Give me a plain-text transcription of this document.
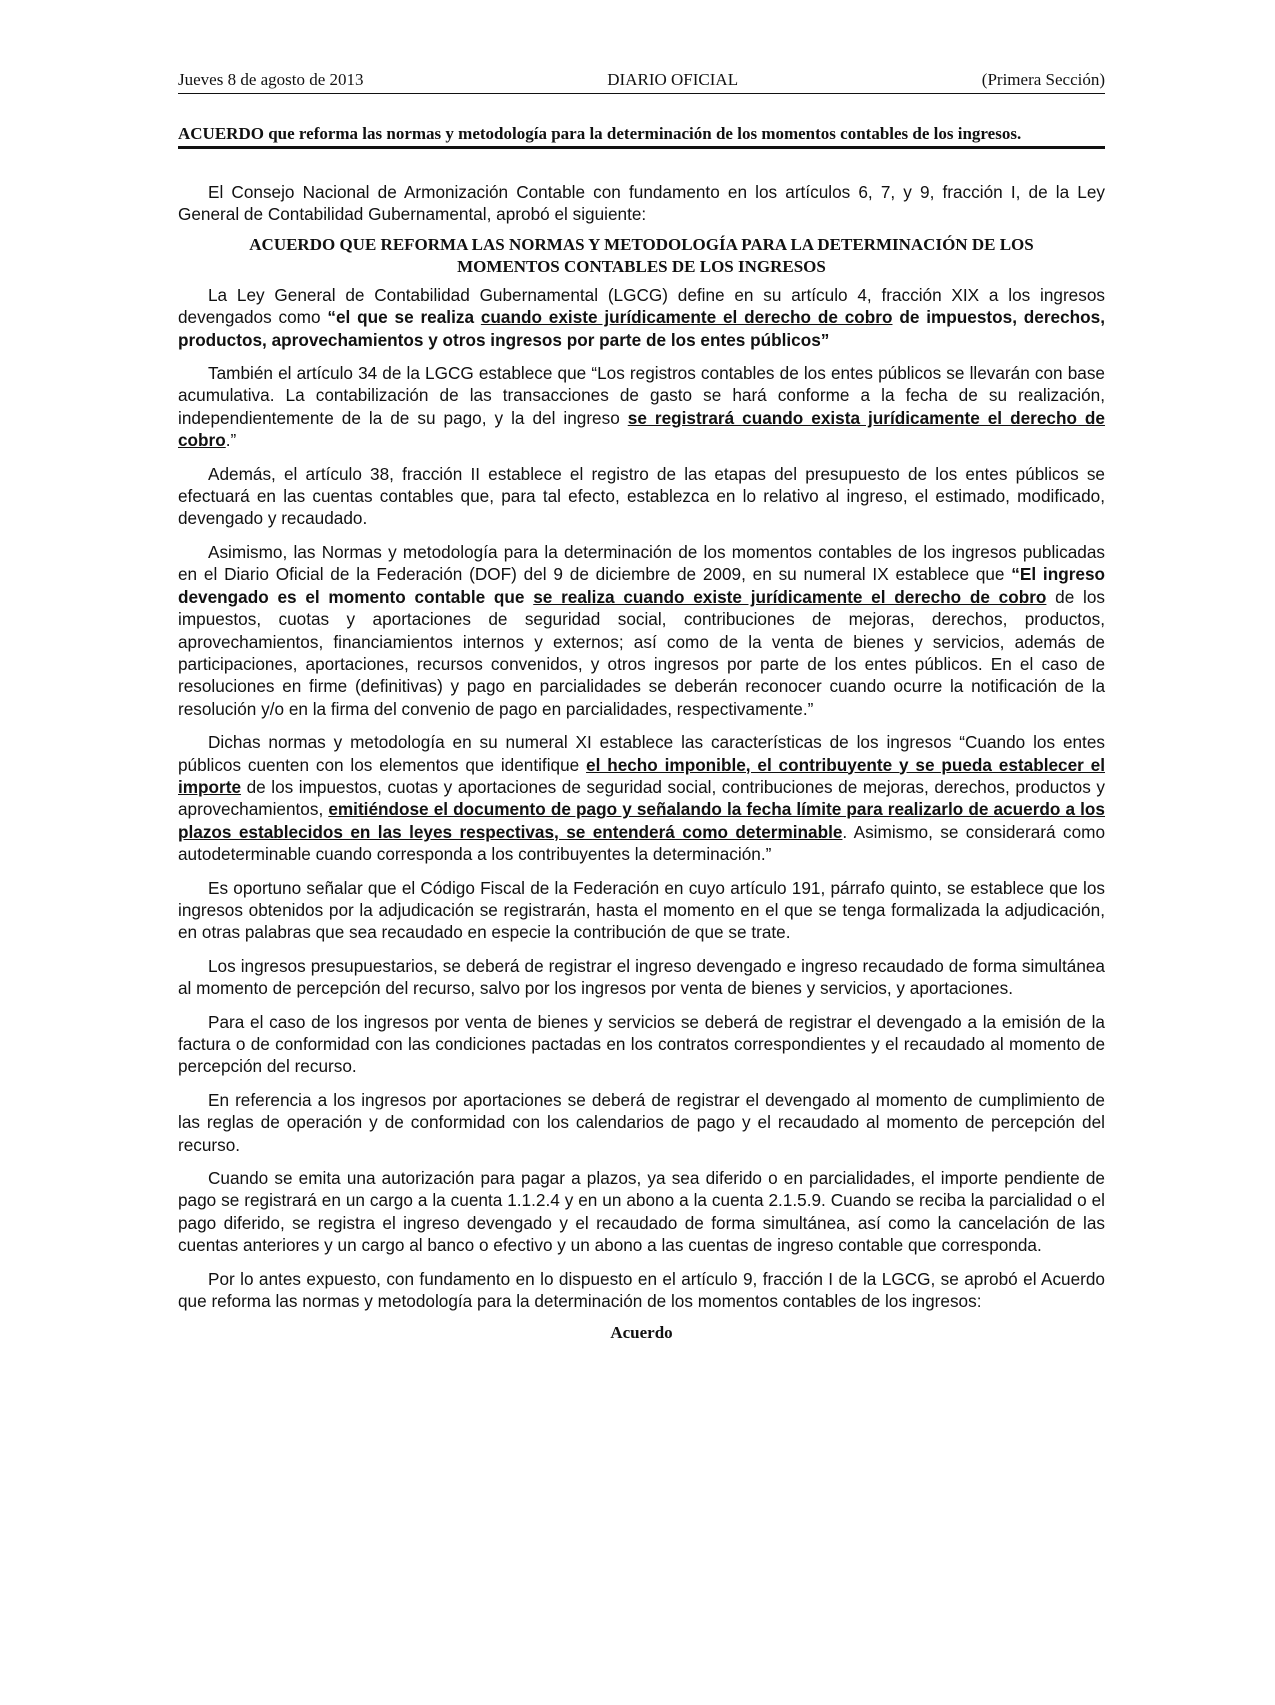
Jueves 8 de agosto de 2013	DIARIO OFICIAL	(Primera Sección)
ACUERDO que reforma las normas y metodología para la determinación de los momentos contables de los ingresos.

El Consejo Nacional de Armonización Contable con fundamento en los artículos 6, 7, y 9, fracción I, de la Ley General de Contabilidad Gubernamental, aprobó el siguiente:

ACUERDO QUE REFORMA LAS NORMAS Y METODOLOGÍA PARA LA DETERMINACIÓN DE LOS MOMENTOS CONTABLES DE LOS INGRESOS

La Ley General de Contabilidad Gubernamental (LGCG) define en su artículo 4, fracción XIX a los ingresos devengados como “el que se realiza cuando existe jurídicamente el derecho de cobro de impuestos, derechos, productos, aprovechamientos y otros ingresos por parte de los entes públicos”

También el artículo 34 de la LGCG establece que “Los registros contables de los entes públicos se llevarán con base acumulativa. La contabilización de las transacciones de gasto se hará conforme a la fecha de su realización, independientemente de la de su pago, y la del ingreso se registrará cuando exista jurídicamente el derecho de cobro.”

Además, el artículo 38, fracción II establece el registro de las etapas del presupuesto de los entes públicos se efectuará en las cuentas contables que, para tal efecto, establezca en lo relativo al ingreso, el estimado, modificado, devengado y recaudado.

Asimismo, las Normas y metodología para la determinación de los momentos contables de los ingresos publicadas en el Diario Oficial de la Federación (DOF) del 9 de diciembre de 2009, en su numeral IX establece que “El ingreso devengado es el momento contable que se realiza cuando existe jurídicamente el derecho de cobro de los impuestos, cuotas y aportaciones de seguridad social, contribuciones de mejoras, derechos, productos, aprovechamientos, financiamientos internos y externos; así como de la venta de bienes y servicios, además de participaciones, aportaciones, recursos convenidos, y otros ingresos por parte de los entes públicos. En el caso de resoluciones en firme (definitivas) y pago en parcialidades se deberán reconocer cuando ocurre la notificación de la resolución y/o en la firma del convenio de pago en parcialidades, respectivamente.”

Dichas normas y metodología en su numeral XI establece las características de los ingresos “Cuando los entes públicos cuenten con los elementos que identifique el hecho imponible, el contribuyente y se pueda establecer el importe de los impuestos, cuotas y aportaciones de seguridad social, contribuciones de mejoras, derechos, productos y aprovechamientos, emitiéndose el documento de pago y señalando la fecha límite para realizarlo de acuerdo a los plazos establecidos en las leyes respectivas, se entenderá como determinable. Asimismo, se considerará como autodeterminable cuando corresponda a los contribuyentes la determinación.”

Es oportuno señalar que el Código Fiscal de la Federación en cuyo artículo 191, párrafo quinto, se establece que los ingresos obtenidos por la adjudicación se registrarán, hasta el momento en el que se tenga formalizada la adjudicación, en otras palabras que sea recaudado en especie la contribución de que se trate.

Los ingresos presupuestarios, se deberá de registrar el ingreso devengado e ingreso recaudado de forma simultánea al momento de percepción del recurso, salvo por los ingresos por venta de bienes y servicios, y aportaciones.

Para el caso de los ingresos por venta de bienes y servicios se deberá de registrar el devengado a la emisión de la factura o de conformidad con las condiciones pactadas en los contratos correspondientes y el recaudado al momento de percepción del recurso.

En referencia a los ingresos por aportaciones se deberá de registrar el devengado al momento de cumplimiento de las reglas de operación y de conformidad con los calendarios de pago y el recaudado al momento de percepción del recurso.

Cuando se emita una autorización para pagar a plazos, ya sea diferido o en parcialidades, el importe pendiente de pago se registrará en un cargo a la cuenta 1.1.2.4 y en un abono a la cuenta 2.1.5.9. Cuando se reciba la parcialidad o el pago diferido, se registra el ingreso devengado y el recaudado de forma simultánea, así como la cancelación de las cuentas anteriores y un cargo al banco o efectivo y un abono a las cuentas de ingreso contable que corresponda.

Por lo antes expuesto, con fundamento en lo dispuesto en el artículo 9, fracción I de la LGCG, se aprobó el Acuerdo que reforma las normas y metodología para la determinación de los momentos contables de los ingresos:

Acuerdo
